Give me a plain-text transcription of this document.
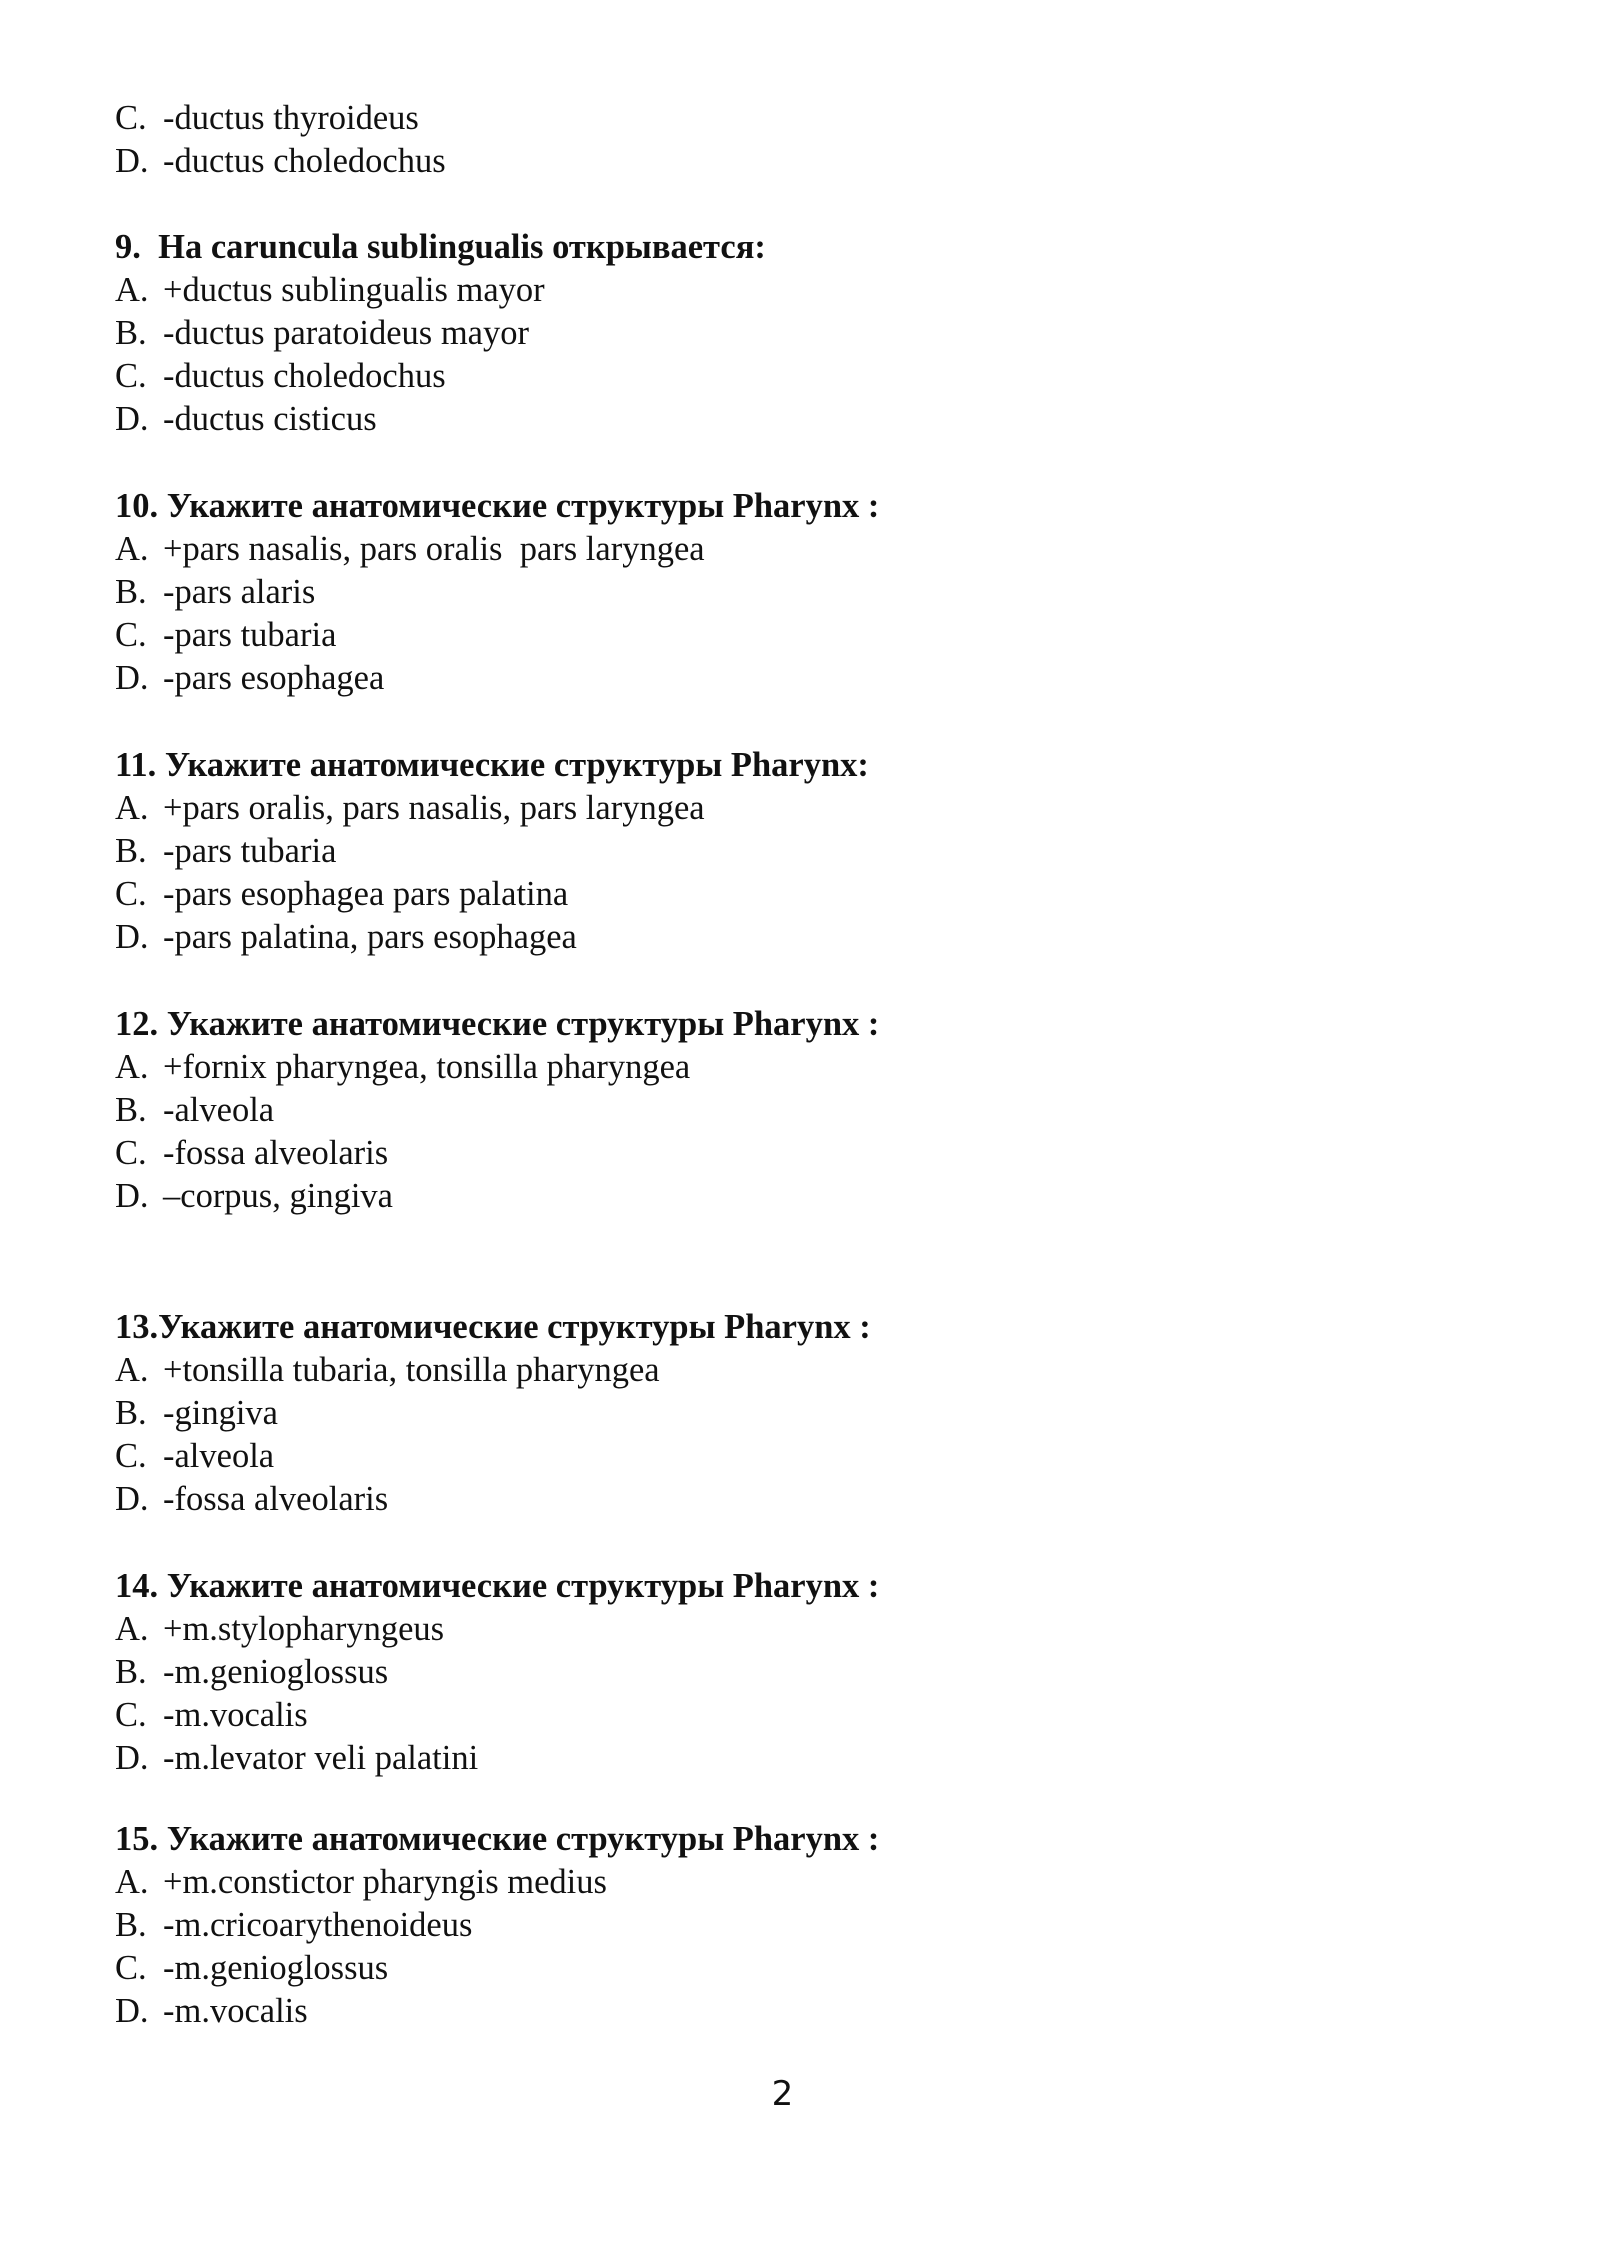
C. -ductus thyroideus
D. -ductus choledochus
9.  На caruncula sublingualis открывается:
A. +ductus sublingualis mayor
B. -ductus paratoideus mayor
C. -ductus choledochus
D. -ductus cisticus
10. Укажите анатомические структуры Pharynx :
A. +pars nasalis, pars oralis  pars laryngea
B. -pars alaris
C. -pars tubaria
D. -pars esophagea
11. Укажите анатомические структуры Pharynx:
A. +pars oralis, pars nasalis, pars laryngea
B. -pars tubaria
C. -pars esophagea pars palatina
D. -pars palatina, pars esophagea
12. Укажите анатомические структуры Pharynx :
A. +fornix pharyngea, tonsilla pharyngea
B. -alveola
C. -fossa alveolaris
D. –corpus, gingiva
13.Укажите анатомические структуры Pharynx :
A. +tonsilla tubaria, tonsilla pharyngea
B. -gingiva
C. -alveola
D. -fossa alveolaris
14. Укажите анатомические структуры Pharynx :
A. +m.stylopharyngeus
B. -m.genioglossus
C. -m.vocalis
D. -m.levator veli palatini
15. Укажите анатомические структуры Pharynx :
A. +m.constictor pharyngis medius
B. -m.cricoarythenoideus
C. -m.genioglossus
D. -m.vocalis
2
